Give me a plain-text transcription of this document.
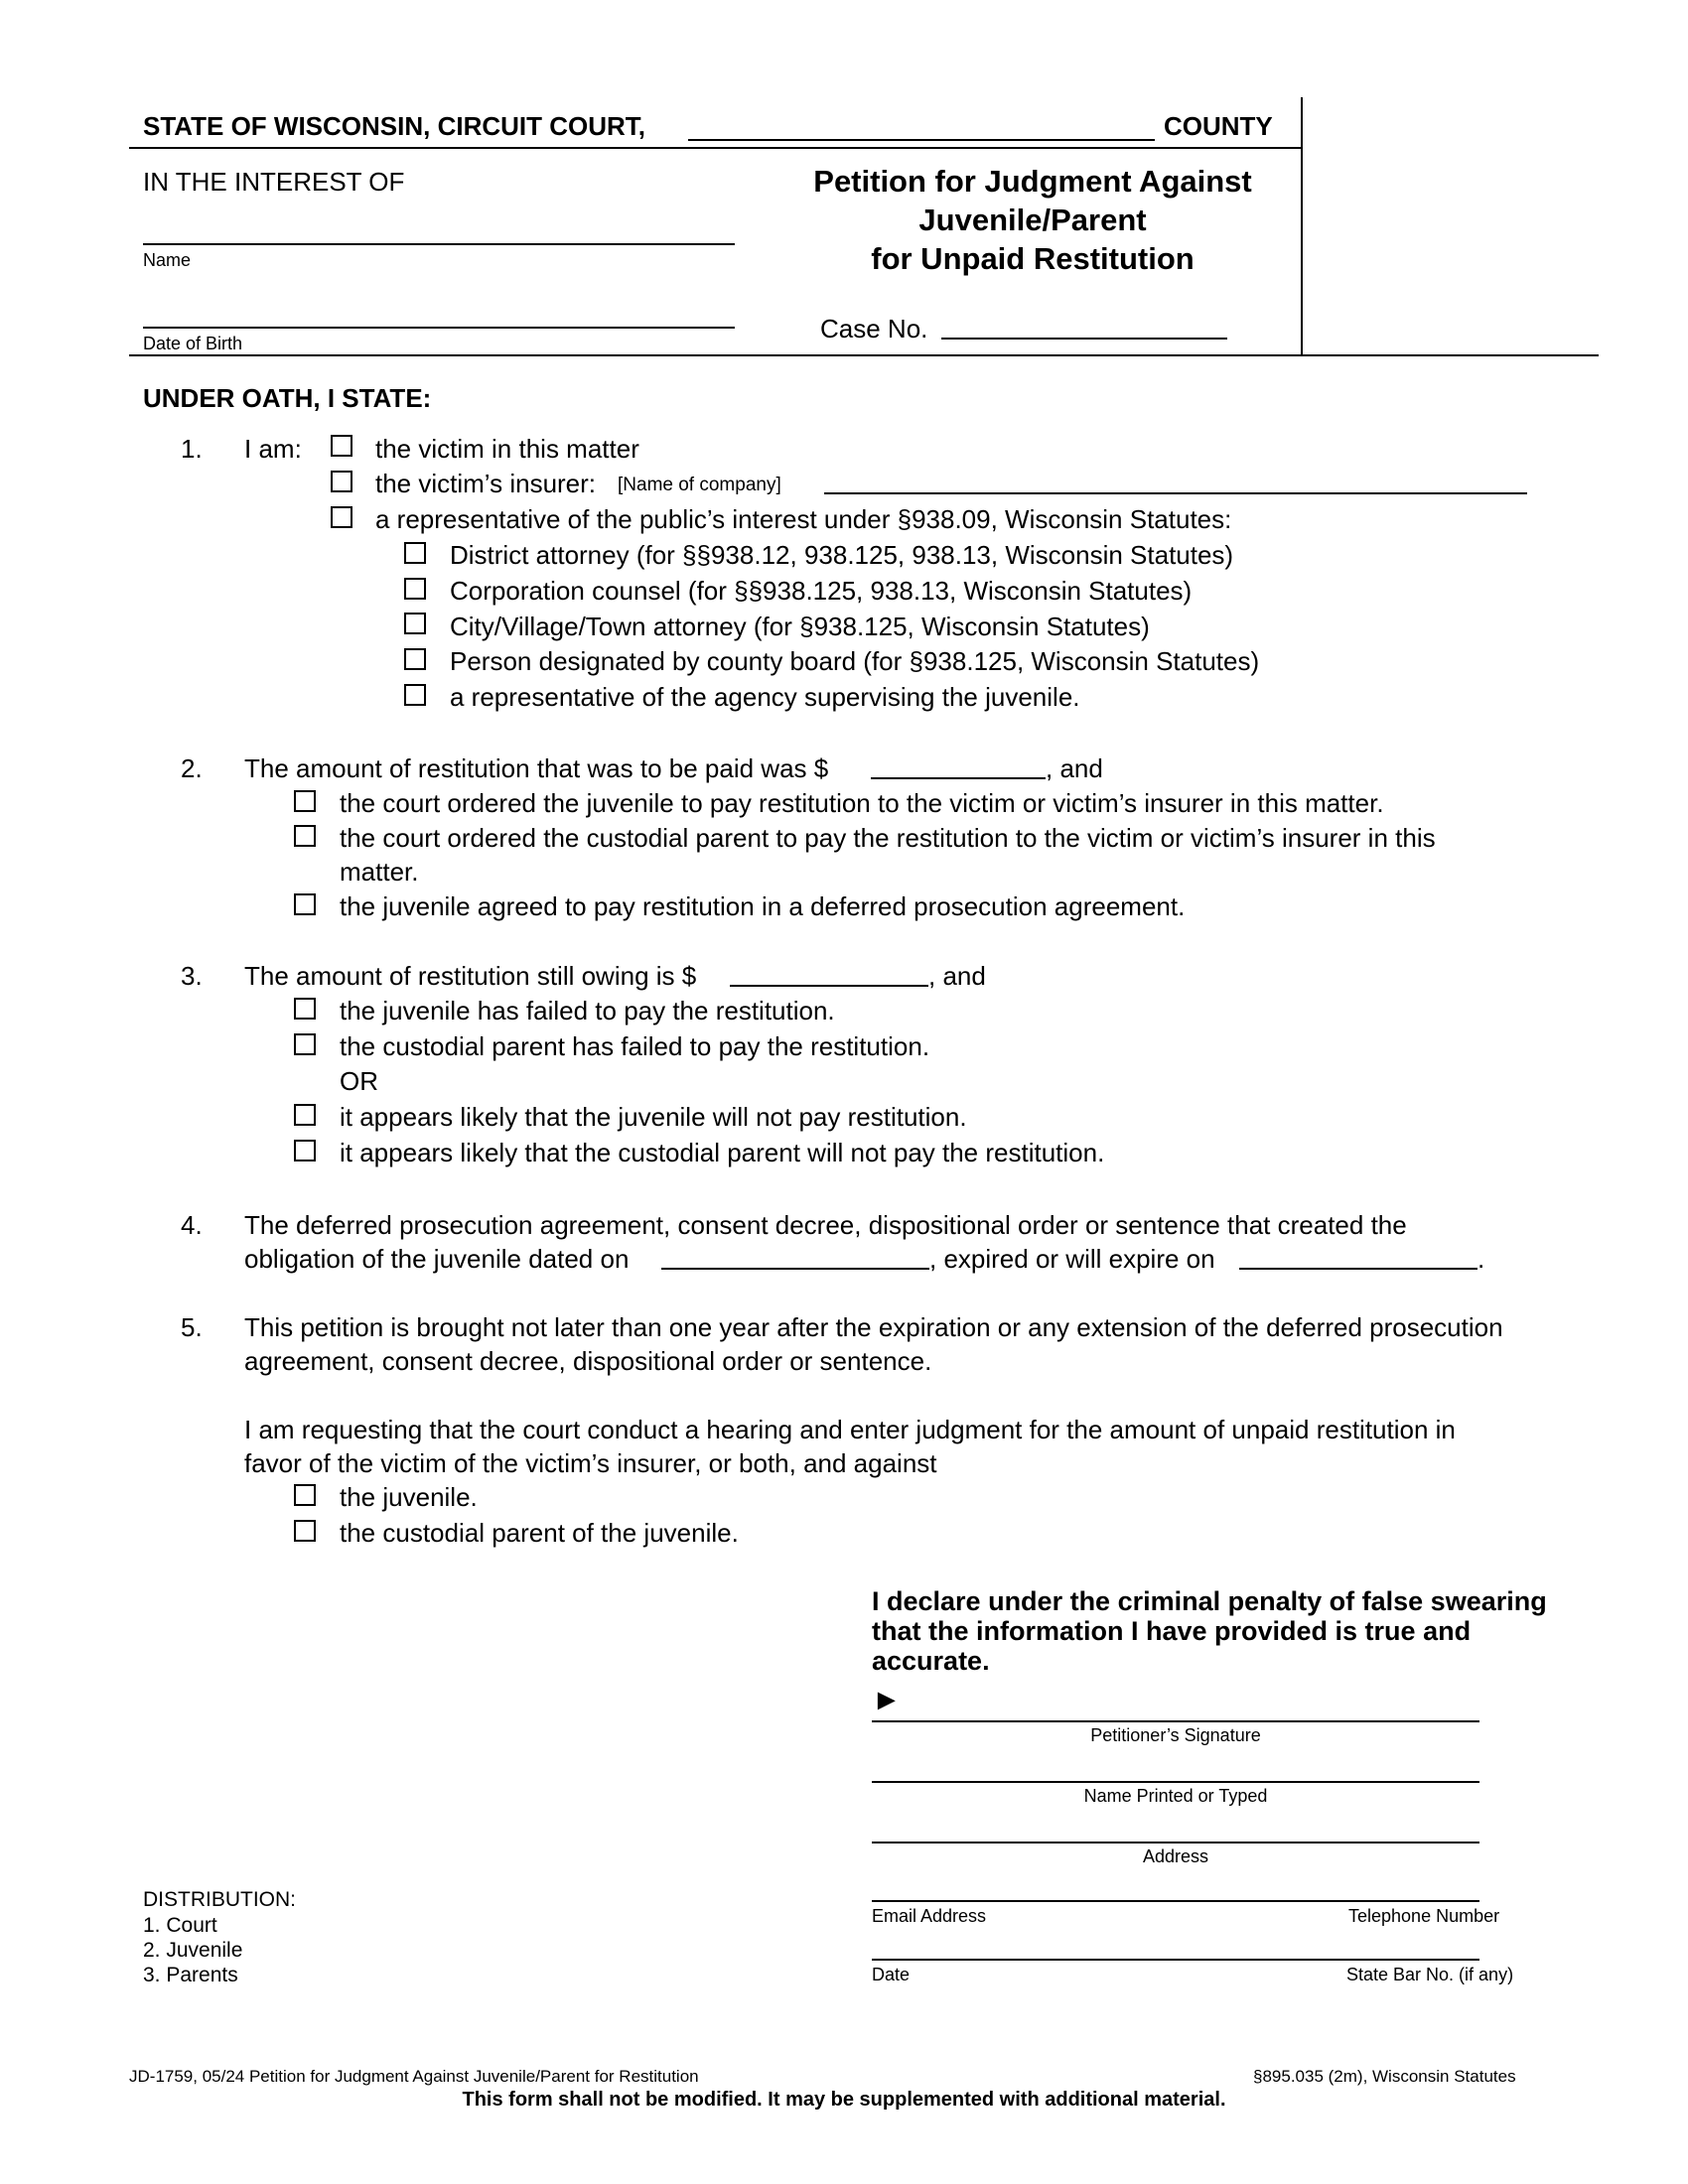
STATE OF WISCONSIN, CIRCUIT COURT,	COUNTY
IN THE INTEREST OF
Name
Date of Birth
Petition for Judgment Against
Juvenile/Parent
for Unpaid Restitution
Case No.
UNDER OATH, I STATE:
1. I am:	the victim in this matter
the victim’s insurer: [Name of company]
a representative of the public’s interest under §938.09, Wisconsin Statutes:
District attorney (for §§938.12, 938.125, 938.13, Wisconsin Statutes)
Corporation counsel (for §§938.125, 938.13, Wisconsin Statutes)
City/Village/Town attorney (for §938.125, Wisconsin Statutes)
Person designated by county board (for §938.125, Wisconsin Statutes)
a representative of the agency supervising the juvenile.
2. The amount of restitution that was to be paid was $	, and
the court ordered the juvenile to pay restitution to the victim or victim’s insurer in this matter.
the court ordered the custodial parent to pay the restitution to the victim or victim’s insurer in this
matter.
the juvenile agreed to pay restitution in a deferred prosecution agreement.
3. The amount of restitution still owing is $	, and
the juvenile has failed to pay the restitution.
the custodial parent has failed to pay the restitution.
OR
it appears likely that the juvenile will not pay restitution.
it appears likely that the custodial parent will not pay the restitution.
4. The deferred prosecution agreement, consent decree, dispositional order or sentence that created the
obligation of the juvenile dated on	, expired or will expire on	.
5. This petition is brought not later than one year after the expiration or any extension of the deferred prosecution
agreement, consent decree, dispositional order or sentence.
I am requesting that the court conduct a hearing and enter judgment for the amount of unpaid restitution in
favor of the victim of the victim’s insurer, or both, and against
the juvenile.
the custodial parent of the juvenile.
I declare under the criminal penalty of false swearing
that the information I have provided is true and
accurate.
►
Petitioner’s Signature
Name Printed or Typed
Address
Email Address	Telephone Number
Date	State Bar No. (if any)
DISTRIBUTION:
1. Court
2. Juvenile
3. Parents
JD-1759, 05/24 Petition for Judgment Against Juvenile/Parent for Restitution	§895.035 (2m), Wisconsin Statutes
This form shall not be modified. It may be supplemented with additional material.
